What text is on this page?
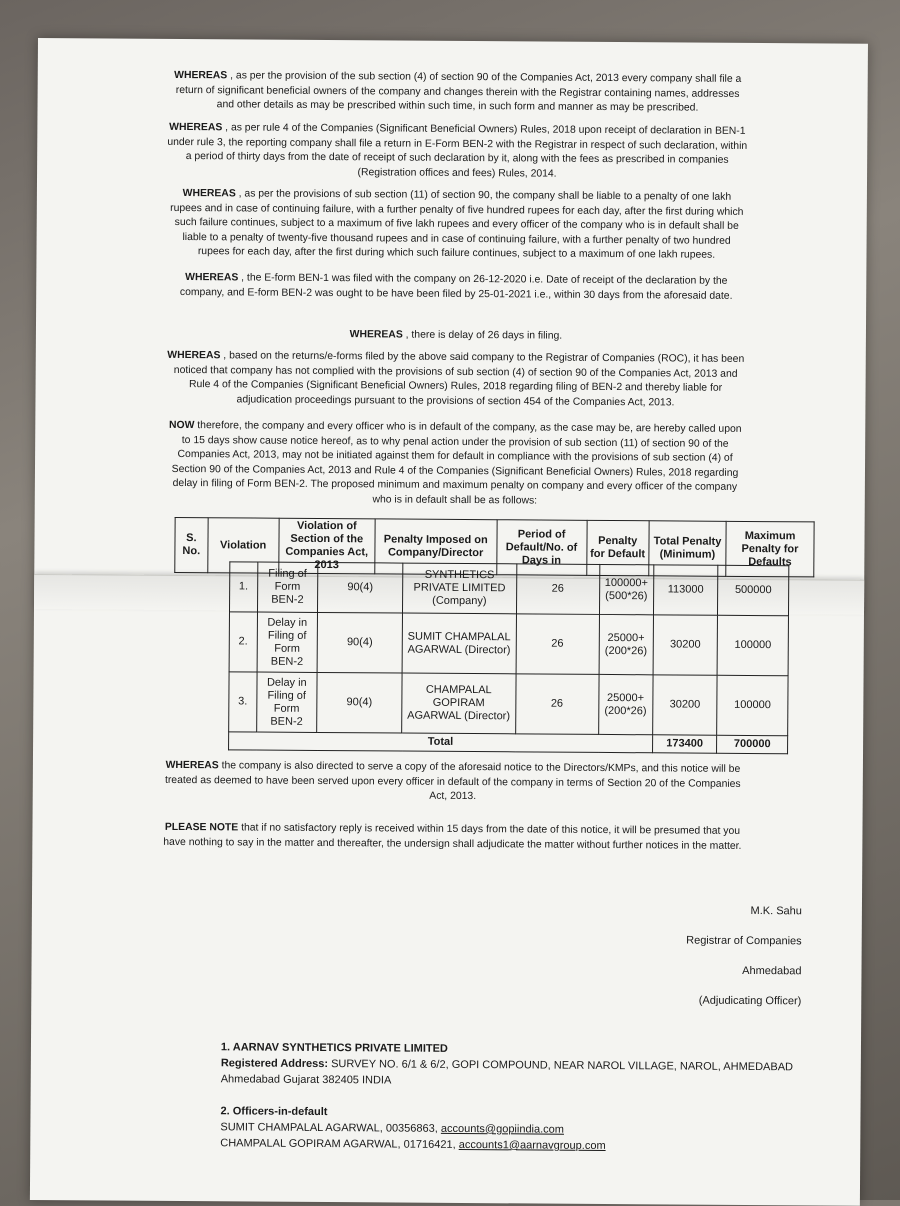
WHEREAS , as per the provision of the sub section (4) of section 90 of the Companies Act, 2013 every company shall file a return of significant beneficial owners of the company and changes therein with the Registrar containing names, addresses and other details as may be prescribed within such time, in such form and manner as may be prescribed.

WHEREAS , as per rule 4 of the Companies (Significant Beneficial Owners) Rules, 2018 upon receipt of declaration in BEN-1 under rule 3, the reporting company shall file a return in E-Form BEN-2 with the Registrar in respect of such declaration, within a period of thirty days from the date of receipt of such declaration by it, along with the fees as prescribed in companies (Registration offices and fees) Rules, 2014.

WHEREAS , as per the provisions of sub section (11) of section 90, the company shall be liable to a penalty of one lakh rupees and in case of continuing failure, with a further penalty of five hundred rupees for each day, after the first during which such failure continues, subject to a maximum of five lakh rupees and every officer of the company who is in default shall be liable to a penalty of twenty-five thousand rupees and in case of continuing failure, with a further penalty of two hundred rupees for each day, after the first during which such failure continues, subject to a maximum of one lakh rupees.

WHEREAS , the E-form BEN-1 was filed with the company on 26-12-2020 i.e. Date of receipt of the declaration by the company, and E-form BEN-2 was ought to be have been filed by 25-01-2021 i.e., within 30 days from the aforesaid date.

WHEREAS , there is delay of 26 days in filing.

WHEREAS , based on the returns/e-forms filed by the above said company to the Registrar of Companies (ROC), it has been noticed that company has not complied with the provisions of sub section (4) of section 90 of the Companies Act, 2013 and Rule 4 of the Companies (Significant Beneficial Owners) Rules, 2018 regarding filing of BEN-2 and thereby liable for adjudication proceedings pursuant to the provisions of section 454 of the Companies Act, 2013.

NOW therefore, the company and every officer who is in default of the company, as the case may be, are hereby called upon to 15 days show cause notice hereof, as to why penal action under the provision of sub section (11) of section 90 of the Companies Act, 2013, may not be initiated against them for default in compliance with the provisions of sub section (4) of Section 90 of the Companies Act, 2013 and Rule 4 of the Companies (Significant Beneficial Owners) Rules, 2018 regarding delay in filing of Form BEN-2. The proposed minimum and maximum penalty on company and every officer of the company who is in default shall be as follows:

S. No.	Violation	Violation of Section of the Companies Act, 2013	Penalty Imposed on Company/Director	Period of Default/No. of Days in	Penalty for Default	Total Penalty (Minimum)	Maximum Penalty for Defaults
1.	Filing of Form BEN-2	90(4)	SYNTHETICS PRIVATE LIMITED (Company)	26	100000+ (500*26)	113000	500000
2.	Delay in Filing of Form BEN-2	90(4)	SUMIT CHAMPALAL AGARWAL (Director)	26	25000+ (200*26)	30200	100000
3.	Delay in Filing of Form BEN-2	90(4)	CHAMPALAL GOPIRAM AGARWAL (Director)	26	25000+ (200*26)	30200	100000
Total						173400	700000

WHEREAS the company is also directed to serve a copy of the aforesaid notice to the Directors/KMPs, and this notice will be treated as deemed to have been served upon every officer in default of the company in terms of Section 20 of the Companies Act, 2013.

PLEASE NOTE that if no satisfactory reply is received within 15 days from the date of this notice, it will be presumed that you have nothing to say in the matter and thereafter, the undersign shall adjudicate the matter without further notices in the matter.

M.K. Sahu
Registrar of Companies
Ahmedabad
(Adjudicating Officer)
1. AARNAV SYNTHETICS PRIVATE LIMITED
Registered Address: SURVEY NO. 6/1 & 6/2, GOPI COMPOUND, NEAR NAROL VILLAGE, NAROL, AHMEDABAD
Ahmedabad Gujarat 382405 INDIA
2. Officers-in-default
SUMIT CHAMPALAL AGARWAL, 00356863, accounts@gopiindia.com
CHAMPALAL GOPIRAM AGARWAL, 01716421, accounts1@aarnavgroup.com
